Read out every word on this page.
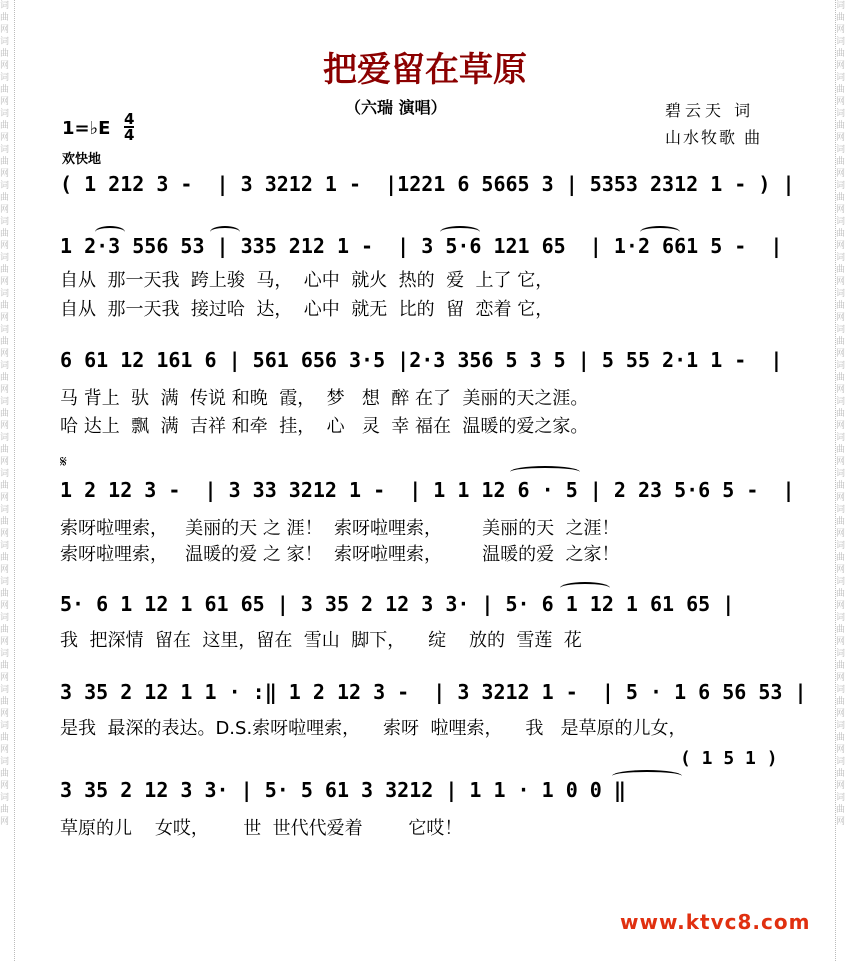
词曲网词曲网词曲网词曲网词曲网词曲网词曲网词曲网词曲网词曲网词曲网词曲网词曲网词曲网词曲网词曲网词曲网词曲网词曲网词曲网词曲网词曲网词曲网
词曲网词曲网词曲网词曲网词曲网词曲网词曲网词曲网词曲网词曲网词曲网词曲网词曲网词曲网词曲网词曲网词曲网词曲网词曲网词曲网词曲网词曲网词曲网
把爱留在草原
（六瑞 演唱）	碧云天 词
山水牧歌 曲
1=♭E 4
4
欢快地
𝄋
( 1 212 3 -  | 3 3212 1 -  |1221 6 5665 3 | 5353 2312 1 - ) |
1 2·3 556 53 | 335 212 1 -  | 3 5·6 121 65  | 1·2 661 5 -  |
自从  那一天我  跨上骏  马，  心中  就火  热的  爱  上了 它，
自从  那一天我  接过哈  达，  心中  就无  比的  留  恋着 它，
6 61 12 161 6 | 561 656 3·5 |2·3 356 5 3 5 | 5 55 2·1 1 -  |
马 背上  驮  满  传说 和晚  霞，  梦   想  醉 在了  美丽的天之涯。
哈 达上  飘  满  吉祥 和牵  挂，  心   灵  幸 福在  温暖的爱之家。
1 2 12 3 -  | 3 33 3212 1 -  | 1 1 12 6 · 5 | 2 23 5·6 5 -  |
索呀啦哩索，   美丽的天 之 涯！  索呀啦哩索，       美丽的天  之涯！
索呀啦哩索，   温暖的爱 之 家！  索呀啦哩索，       温暖的爱  之家！
5· 6 1 12 1 61 65 | 3 35 2 12 3 3· | 5· 6 1 12 1 61 65 |
我  把深情  留在  这里，留在  雪山  脚下，    绽    放的  雪莲  花
3 35 2 12 1 1 · :‖ 1 2 12 3 -  | 3 3212 1 -  | 5 · 1 6 56 53 |
是我  最深的表达。D.S.索呀啦哩索，    索呀  啦哩索，    我   是草原的儿女，
( 1 5 1 )
3 35 2 12 3 3· | 5· 5 61 3 3212 | 1 1 · 1 0 0 ‖
草原的儿    女哎，      世  世代代爱着        它哎！
www.ktvc8.com
